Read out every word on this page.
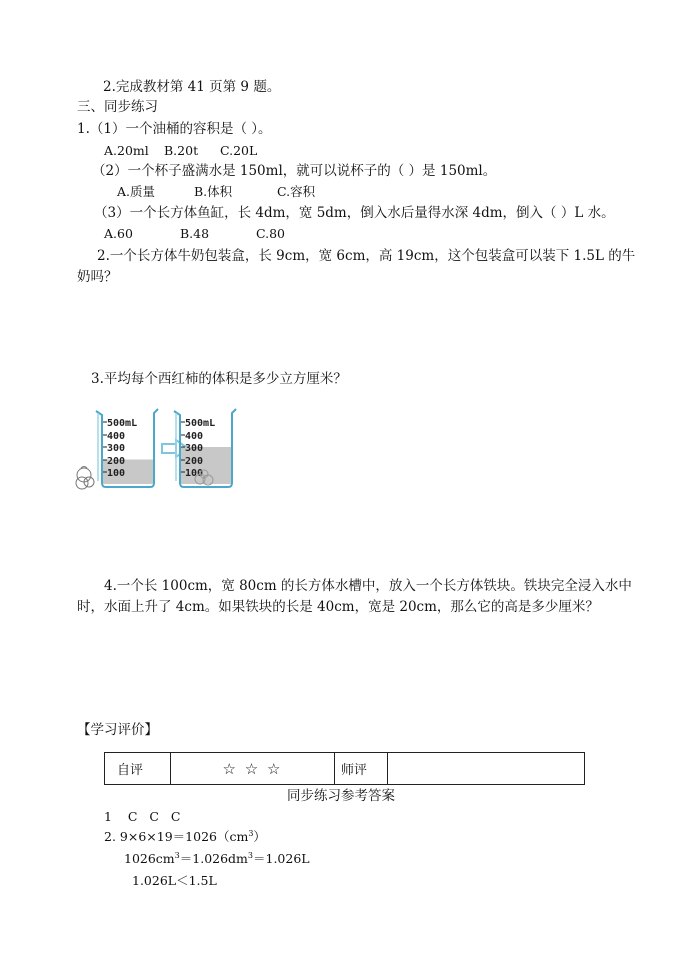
2.完成教材第 41 页第 9 题。
三、同步练习
1.（1）一个油桶的容积是（ ）。
A.20ml B.20t C.20L
（2）一个杯子盛满水是 150ml，就可以说杯子的（ ）是 150ml。
A.质量	B.体积	C.容积
（3）一个长方体鱼缸，长 4dm，宽 5dm，倒入水后量得水深 4dm，倒入（ ）L 水。
A.60	B.48	C.80
2.一个长方体牛奶包装盒，长 9cm，宽 6cm，高 19cm，这个包装盒可以装下 1.5L 的牛
奶吗？
3.平均每个西红柿的体积是多少立方厘米？
500mL
400
300
200
100
500mL
400
300
200
100
4.一个长 100cm，宽 80cm 的长方体水槽中，放入一个长方体铁块。铁块完全浸入水中
时，水面上升了 4cm。如果铁块的长是 40cm，宽是 20cm，那么它的高是多少厘米？
【学习评价】
自评	☆ ☆ ☆	师评	
同步练习参考答案
1    C   C   C
2. $9\times 6\times 19=1026(cm^3)$
$1026cm^3=1.026dm^3=1.026L$
1.026L＜1.5L
